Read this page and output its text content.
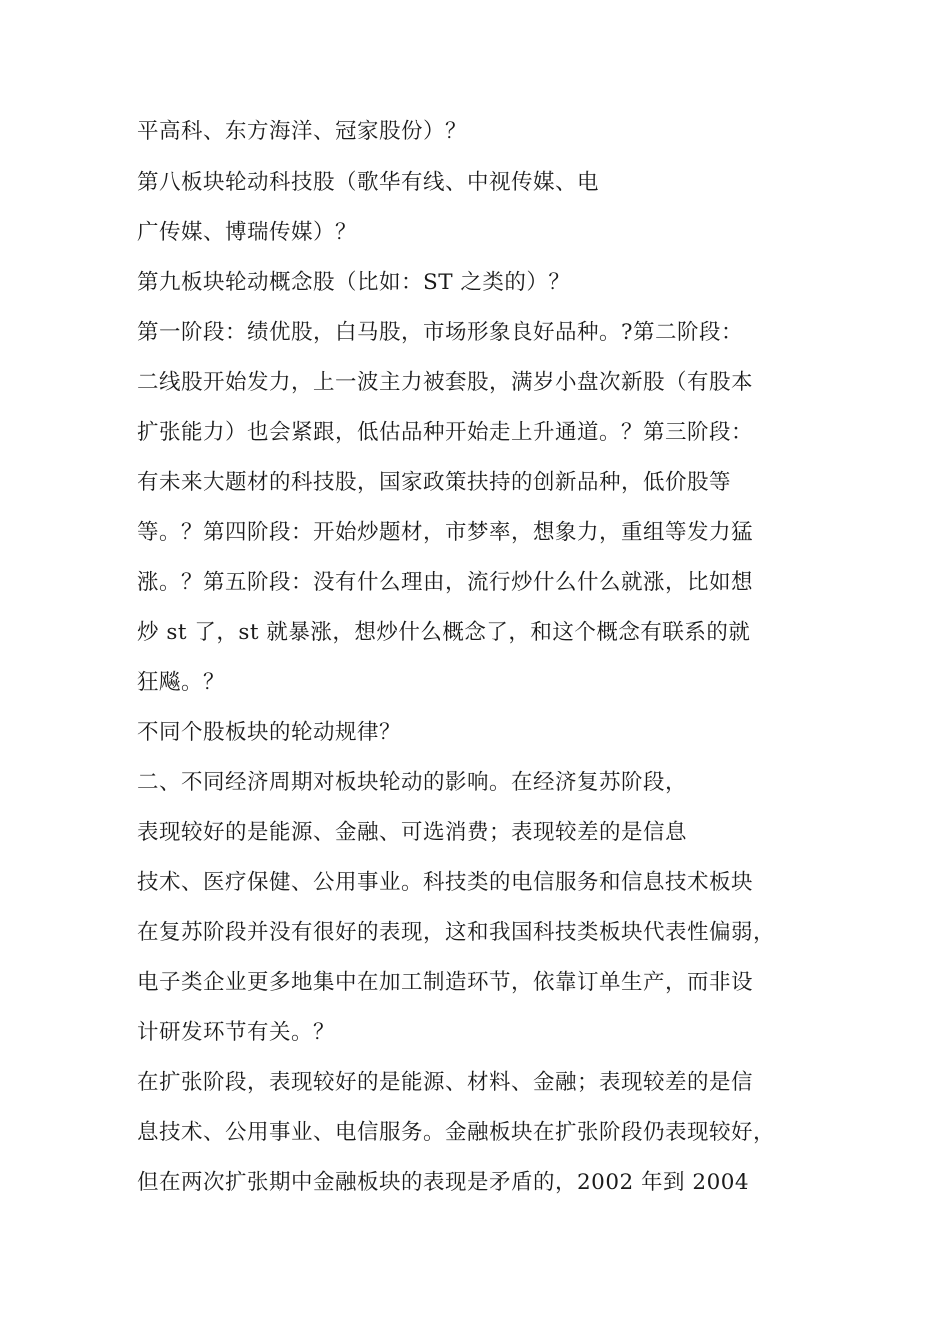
平高科、东方海洋、冠家股份）？
第八板块轮动科技股（歌华有线、中视传媒、电
广传媒、博瑞传媒）？
第九板块轮动概念股（比如：ST 之类的）？
第一阶段：绩优股，白马股，市场形象良好品种。?第二阶段：
二线股开始发力，上一波主力被套股，满岁小盘次新股（有股本
扩张能力）也会紧跟，低估品种开始走上升通道。？第三阶段：
有未来大题材的科技股，国家政策扶持的创新品种，低价股等
等。？第四阶段：开始炒题材，市梦率，想象力，重组等发力猛
涨。？第五阶段：没有什么理由，流行炒什么什么就涨，比如想
炒 st 了，st 就暴涨，想炒什么概念了，和这个概念有联系的就
狂飚。？
不同个股板块的轮动规律？
二、不同经济周期对板块轮动的影响。在经济复苏阶段，
表现较好的是能源、金融、可选消费；表现较差的是信息
技术、医疗保健、公用事业。科技类的电信服务和信息技术板块
在复苏阶段并没有很好的表现，这和我国科技类板块代表性偏弱，
电子类企业更多地集中在加工制造环节，依靠订单生产，而非设
计研发环节有关。？
在扩张阶段，表现较好的是能源、材料、金融；表现较差的是信
息技术、公用事业、电信服务。金融板块在扩张阶段仍表现较好，
但在两次扩张期中金融板块的表现是矛盾的，2002 年到 2004
